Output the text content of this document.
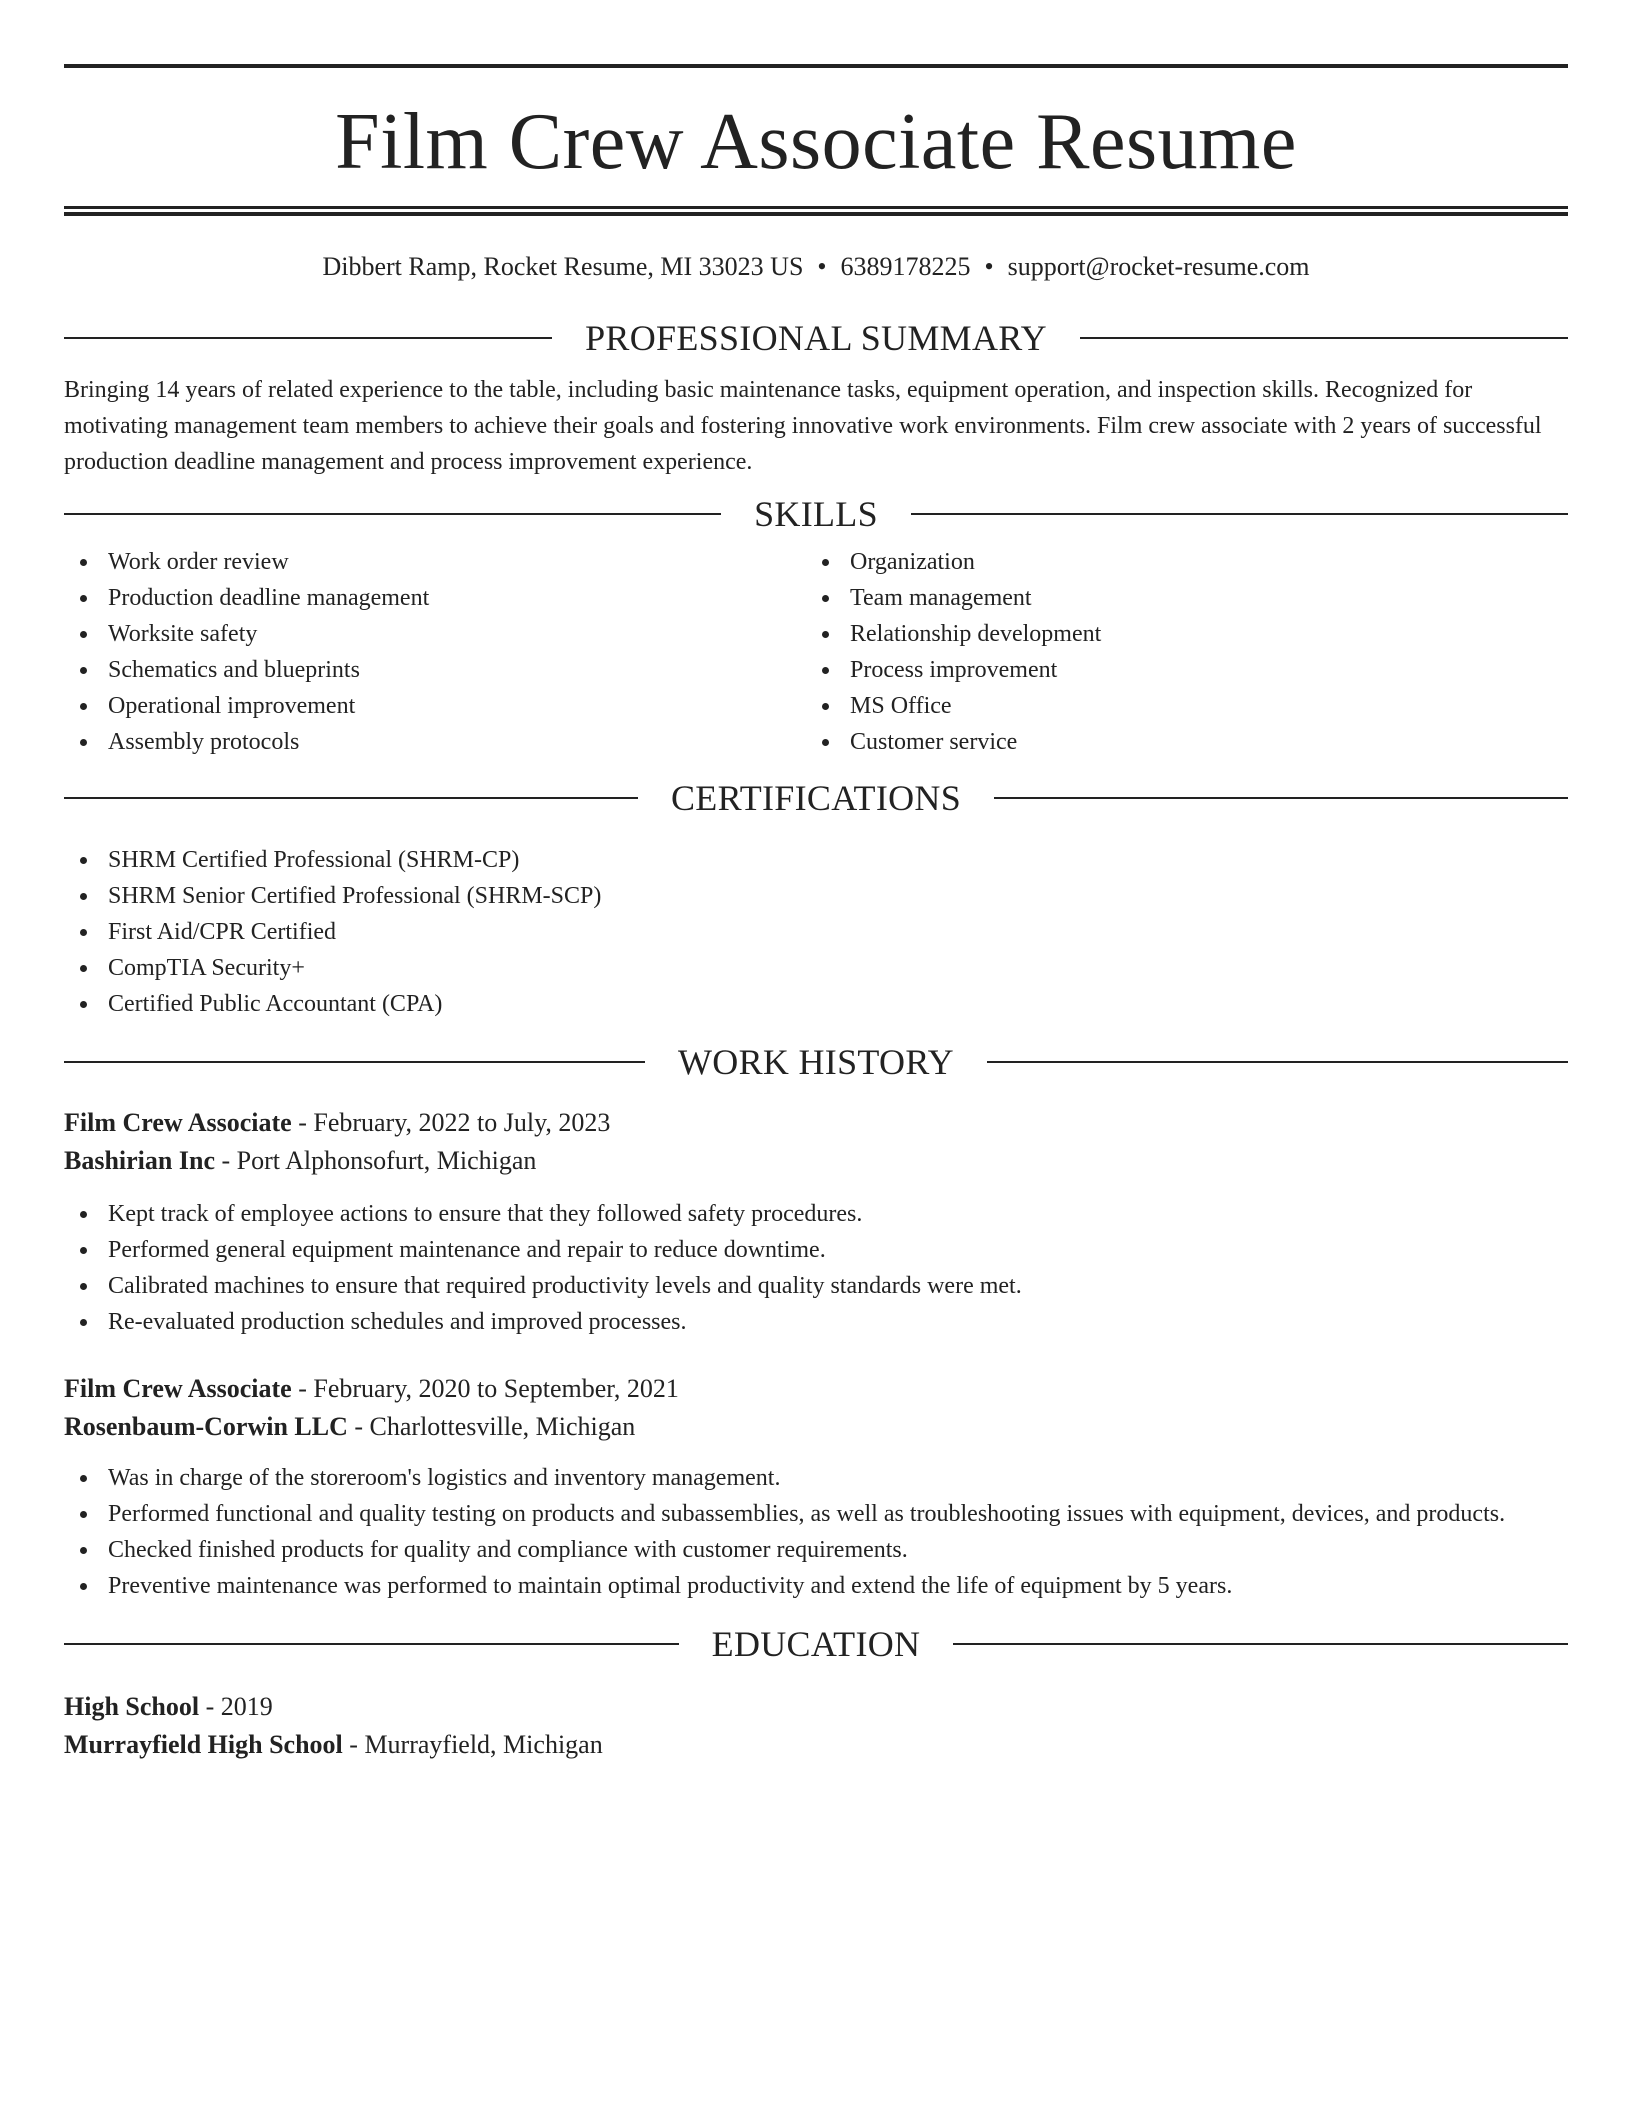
Film Crew Associate Resume
Dibbert Ramp, Rocket Resume, MI 33023 US • 6389178225 • support@rocket-resume.com
PROFESSIONAL SUMMARY

Bringing 14 years of related experience to the table, including basic maintenance tasks, equipment operation, and inspection skills. Recognized for motivating management team members to achieve their goals and fostering innovative work environments. Film crew associate with 2 years of successful production deadline management and process improvement experience.

SKILLS
Work order review
Production deadline management
Worksite safety
Schematics and blueprints
Operational improvement
Assembly protocols
Organization
Team management
Relationship development
Process improvement
MS Office
Customer service
CERTIFICATIONS
SHRM Certified Professional (SHRM-CP)
SHRM Senior Certified Professional (SHRM-SCP)
First Aid/CPR Certified
CompTIA Security+
Certified Public Accountant (CPA)
WORK HISTORY
Film Crew Associate - February, 2022 to July, 2023
Bashirian Inc - Port Alphonsofurt, Michigan
Kept track of employee actions to ensure that they followed safety procedures.
Performed general equipment maintenance and repair to reduce downtime.
Calibrated machines to ensure that required productivity levels and quality standards were met.
Re-evaluated production schedules and improved processes.
Film Crew Associate - February, 2020 to September, 2021
Rosenbaum-Corwin LLC - Charlottesville, Michigan
Was in charge of the storeroom's logistics and inventory management.
Performed functional and quality testing on products and subassemblies, as well as troubleshooting issues with equipment, devices, and products.
Checked finished products for quality and compliance with customer requirements.
Preventive maintenance was performed to maintain optimal productivity and extend the life of equipment by 5 years.
EDUCATION
High School - 2019
Murrayfield High School - Murrayfield, Michigan
